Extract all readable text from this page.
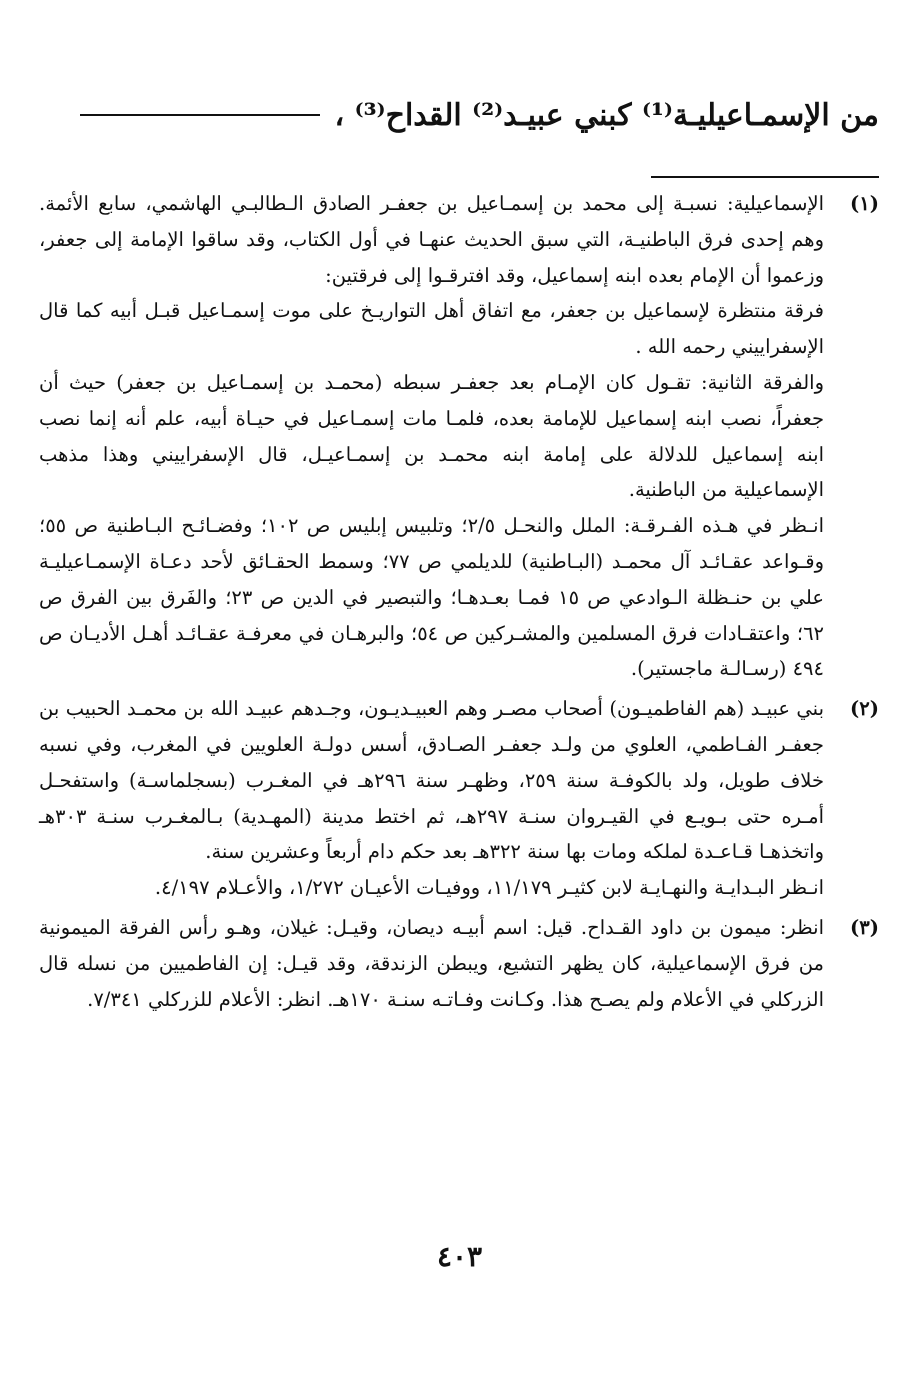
من الإسمـاعيليـة⁽¹⁾ كبني عبيـد⁽²⁾ القداح⁽³⁾ ،
(١)

الإسماعيلية: نسبـة إلى محمد بن إسمـاعيل بن جعفـر الصادق الـطالبـي الهاشمي، سابع الأئمة. وهم إحدى فرق الباطنيـة، التي سبق الحديث عنهـا في أول الكتاب، وقد ساقوا الإمامة إلى جعفر، وزعموا أن الإمام بعده ابنه إسماعيل، وقد افترقـوا إلى فرقتين:

فرقة منتظرة لإسماعيل بن جعفر، مع اتفاق أهل التواريـخ على موت إسمـاعيل قبـل أبيه كما قال الإسفراييني رحمه الله .

والفرقة الثانية: تقـول كان الإمـام بعد جعفـر سبطه (محمـد بن إسمـاعيل بن جعفر) حيث أن جعفراً، نصب ابنه إسماعيل للإمامة بعده، فلمـا مات إسمـاعيل في حيـاة أبيه، علم أنه إنما نصب ابنه إسماعيل للدلالة على إمامة ابنه محمـد بن إسمـاعيـل، قال الإسفراييني وهذا مذهب الإسماعيلية من الباطنية.

انـظر في هـذه الفـرقـة: الملل والنحـل ٢/٥؛ وتلبيس إبليس ص ١٠٢؛ وفضـائـح البـاطنية ص ٥٥؛ وقـواعد عقـائـد آل محمـد (البـاطنية) للديلمي ص ٧٧؛ وسمط الحقـائق لأحد دعـاة الإسمـاعيليـة علي بن حنـظلة الـوادعي ص ١٥ فمـا بعـدهـا؛ والتبصير في الدين ص ٢٣؛ والفَرق بين الفرق ص ٦٢؛ واعتقـادات فرق المسلمين والمشـركين ص ٥٤؛ والبرهـان في معرفـة عقـائـد أهـل الأديـان ص ٤٩٤ (رسـالـة ماجستير).

(٢)

بني عبيـد (هم الفاطميـون) أصحاب مصـر وهم العبيـديـون، وجـدهم عبيـد الله بن محمـد الحبيب بن جعفـر الفـاطمي، العلوي من ولـد جعفـر الصـادق، أسس دولـة العلويين في المغرب، وفي نسبه خلاف طويل، ولد بالكوفـة سنة ٢٥٩، وظهـر سنة ٢٩٦هـ في المغـرب (بسجلماسـة) واستفحـل أمـره حتى بـويـع في القيـروان سنـة ٢٩٧هـ، ثم اختط مدينة (المهـدية) بـالمغـرب سنـة ٣٠٣هـ واتخذهـا قـاعـدة لملكه ومات بها سنة ٣٢٢هـ بعد حكم دام أربعاً وعشرين سنة.

انـظر البـدايـة والنهـايـة لابن كثيـر ١١/١٧٩، ووفيـات الأعيـان ١/٢٧٢، والأعـلام ٤/١٩٧.

(٣)

انظر: ميمون بن داود القـداح. قيل: اسم أبيـه ديصان، وقيـل: غيلان، وهـو رأس الفرقة الميمونية من فرق الإسماعيلية، كان يظهر التشيع، ويبطن الزندقة، وقد قيـل: إن الفاطميين من نسله قال الزركلي في الأعلام ولم يصـح هذا. وكـانت وفـاتـه سنـة ١٧٠هـ. انظر: الأعلام للزركلي ٧/٣٤١.

٤٠٣
